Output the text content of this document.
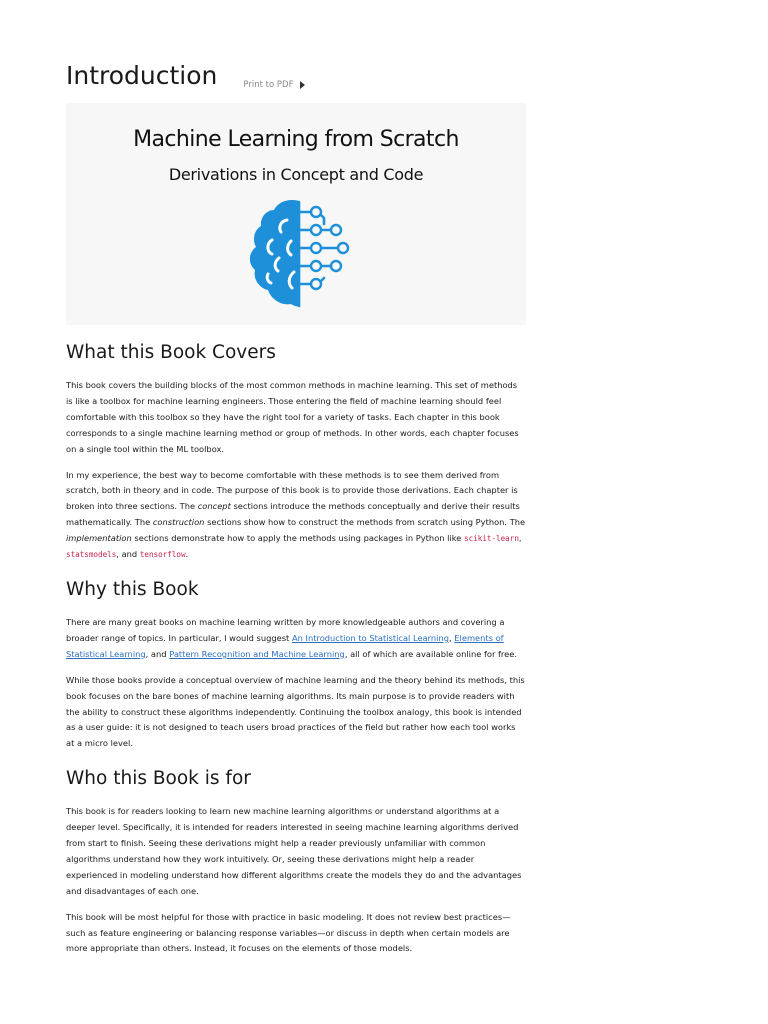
Introduction	Print to PDF
Machine Learning from Scratch
Derivations in Concept and Code
What this Book Covers

This book covers the building blocks of the most common methods in machine learning. This set of methods is like a toolbox for machine learning engineers. Those entering the field of machine learning should feel comfortable with this toolbox so they have the right tool for a variety of tasks. Each chapter in this book corresponds to a single machine learning method or group of methods. In other words, each chapter focuses on a single tool within the ML toolbox.

In my experience, the best way to become comfortable with these methods is to see them derived from scratch, both in theory and in code. The purpose of this book is to provide those derivations. Each chapter is broken into three sections. The concept sections introduce the methods conceptually and derive their results mathematically. The construction sections show how to construct the methods from scratch using Python. The implementation sections demonstrate how to apply the methods using packages in Python like scikit-learn, statsmodels, and tensorflow.

Why this Book

There are many great books on machine learning written by more knowledgeable authors and covering a broader range of topics. In particular, I would suggest An Introduction to Statistical Learning, Elements of Statistical Learning, and Pattern Recognition and Machine Learning, all of which are available online for free.

While those books provide a conceptual overview of machine learning and the theory behind its methods, this book focuses on the bare bones of machine learning algorithms. Its main purpose is to provide readers with the ability to construct these algorithms independently. Continuing the toolbox analogy, this book is intended as a user guide: it is not designed to teach users broad practices of the field but rather how each tool works at a micro level.

Who this Book is for

This book is for readers looking to learn new machine learning algorithms or understand algorithms at a deeper level. Specifically, it is intended for readers interested in seeing machine learning algorithms derived from start to finish. Seeing these derivations might help a reader previously unfamiliar with common algorithms understand how they work intuitively. Or, seeing these derivations might help a reader experienced in modeling understand how different algorithms create the models they do and the advantages and disadvantages of each one.

This book will be most helpful for those with practice in basic modeling. It does not review best practices—such as feature engineering or balancing response variables—or discuss in depth when certain models are more appropriate than others. Instead, it focuses on the elements of those models.
